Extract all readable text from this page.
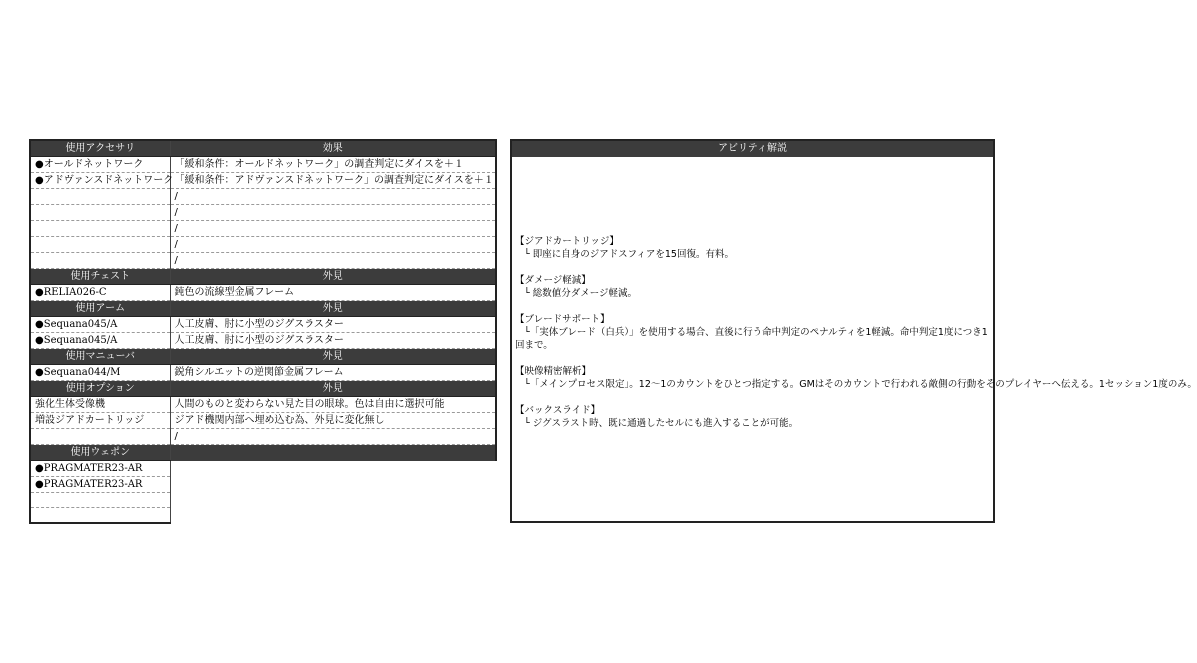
使用アクセサリ	効果
●オールドネットワーク	「緩和条件：オールドネットワーク」の調査判定にダイスを＋１
●アドヴァンスドネットワーク	「緩和条件：アドヴァンスドネットワーク」の調査判定にダイスを＋１
	/
	/
	/
	/
	/
使用チェスト	外見
●RELIA026-C	鈍色の流線型金属フレーム
使用アーム	外見
●Sequana045/A	人工皮膚、肘に小型のジグスラスター
●Sequana045/A	人工皮膚、肘に小型のジグスラスター
使用マニューバ	外見
●Sequana044/M	鋭角シルエットの逆関節金属フレーム
使用オプション	外見
強化生体受像機	人間のものと変わらない見た目の眼球。色は自由に選択可能
増設ジアドカートリッジ	ジアド機関内部へ埋め込む為、外見に変化無し
	/
使用ウェポン	
●PRAGMATER23-AR	
●PRAGMATER23-AR	

アビリティ解説
【ジアドカートリッジ】
└ 即座に自身のジアドスフィアを15回復。有料。
【ダメージ軽減】
└ 総数値分ダメージ軽減。
【ブレードサポート】
└「実体ブレード（白兵）」を使用する場合、直後に行う命中判定のペナルティを1軽減。命中判定1度につき1回まで。
【映像精密解析】
└「メインプロセス限定」。12～1のカウントをひとつ指定する。GMはそのカウントで行われる敵側の行動をそのプレイヤーへ伝える。1セッション1度のみ。
【バックスライド】
└ ジグスラスト時、既に通過したセルにも進入することが可能。
